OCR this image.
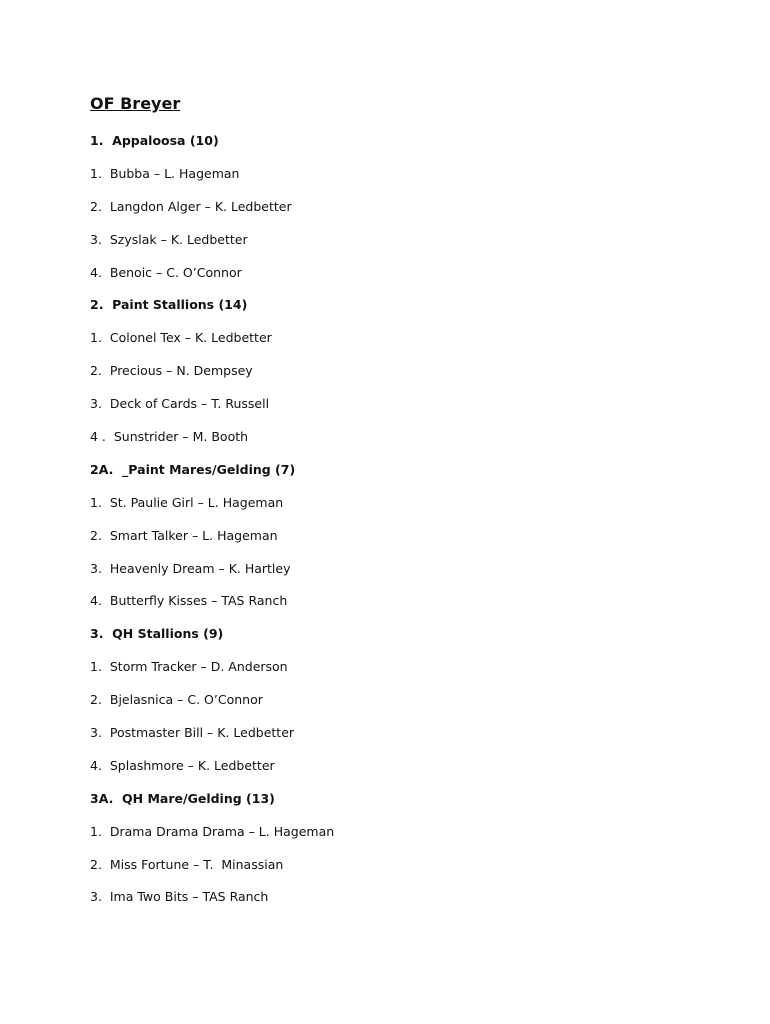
OF Breyer
1.  Appaloosa (10)
1.  Bubba – L. Hageman
2.  Langdon Alger – K. Ledbetter
3.  Szyslak – K. Ledbetter
4.  Benoic – C. O’Connor
2.  Paint Stallions (14)
1.  Colonel Tex – K. Ledbetter
2.  Precious – N. Dempsey
3.  Deck of Cards – T. Russell
4 .  Sunstrider – M. Booth
2A.  _Paint Mares/Gelding (7)
1.  St. Paulie Girl – L. Hageman
2.  Smart Talker – L. Hageman
3.  Heavenly Dream – K. Hartley
4.  Butterfly Kisses – TAS Ranch
3.  QH Stallions (9)
1.  Storm Tracker – D. Anderson
2.  Bjelasnica – C. O’Connor
3.  Postmaster Bill – K. Ledbetter
4.  Splashmore – K. Ledbetter
3A.  QH Mare/Gelding (13)
1.  Drama Drama Drama – L. Hageman
2.  Miss Fortune – T.  Minassian
3.  Ima Two Bits – TAS Ranch
